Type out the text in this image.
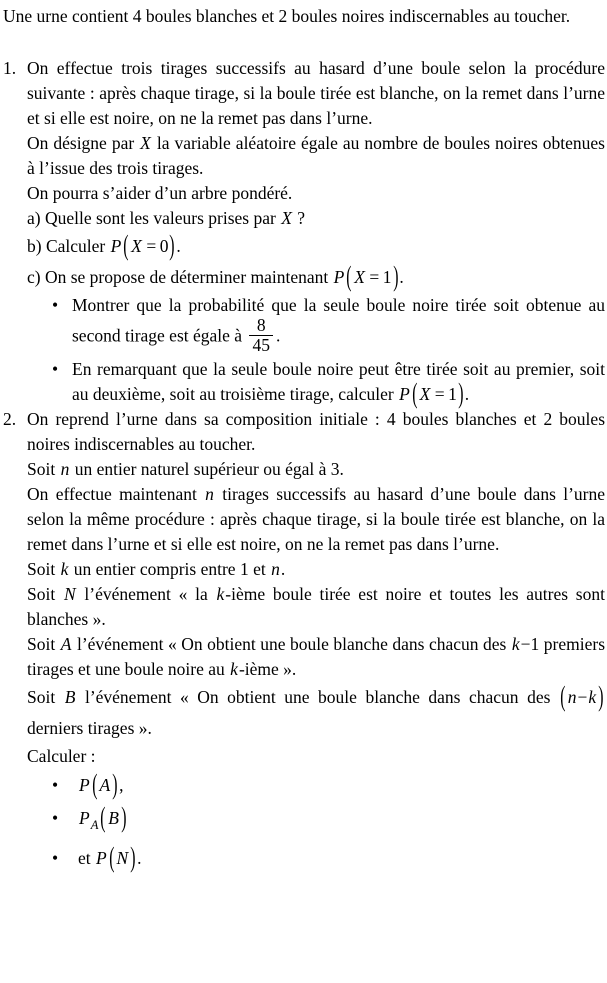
Une urne contient 4 boules blanches et 2 boules noires indiscernables au toucher.

1. On effectue trois tirages successifs au hasard d’une boule selon la procédure suivante : après chaque tirage, si la boule tirée est blanche, on la remet dans l’urne et si elle est noire, on ne la remet pas dans l’urne.

On désigne par X la variable aléatoire égale au nombre de boules noires obtenues à l’issue des trois tirages.

On pourra s’aider d’un arbre pondéré.

a) Quelle sont les valeurs prises par X ?

b) Calculer P ( X = 0).

c) On se propose de déterminer maintenant P ( X = 1).

• Montrer que la probabilité que la seule boule noire tirée soit obtenue au second tirage est égale à $\frac{8}{45}$ .

• En remarquant que la seule boule noire peut être tirée soit au premier, soit au deuxième, soit au troisième tirage, calculer P ( X = 1).

2. On reprend l’urne dans sa composition initiale : 4 boules blanches et 2 boules noires indiscernables au toucher.

Soit n un entier naturel supérieur ou égal à 3.

On effectue maintenant n tirages successifs au hasard d’une boule dans l’urne selon la même procédure : après chaque tirage, si la boule tirée est blanche, on la remet dans l’urne et si elle est noire, on ne la remet pas dans l’urne.

Soit k un entier compris entre 1 et n.

Soit N l’événement « la k-ième boule tirée est noire et toutes les autres sont blanches ».

Soit A l’événement « On obtient une boule blanche dans chacun des k−1 premiers tirages et une boule noire au k-ième ».

Soit B l’événement « On obtient une boule blanche dans chacun des ( n−k ) derniers tirages ».

Calculer :

•	P ( A ),

•	$P_A$ ( B )

•	et P ( N ).
